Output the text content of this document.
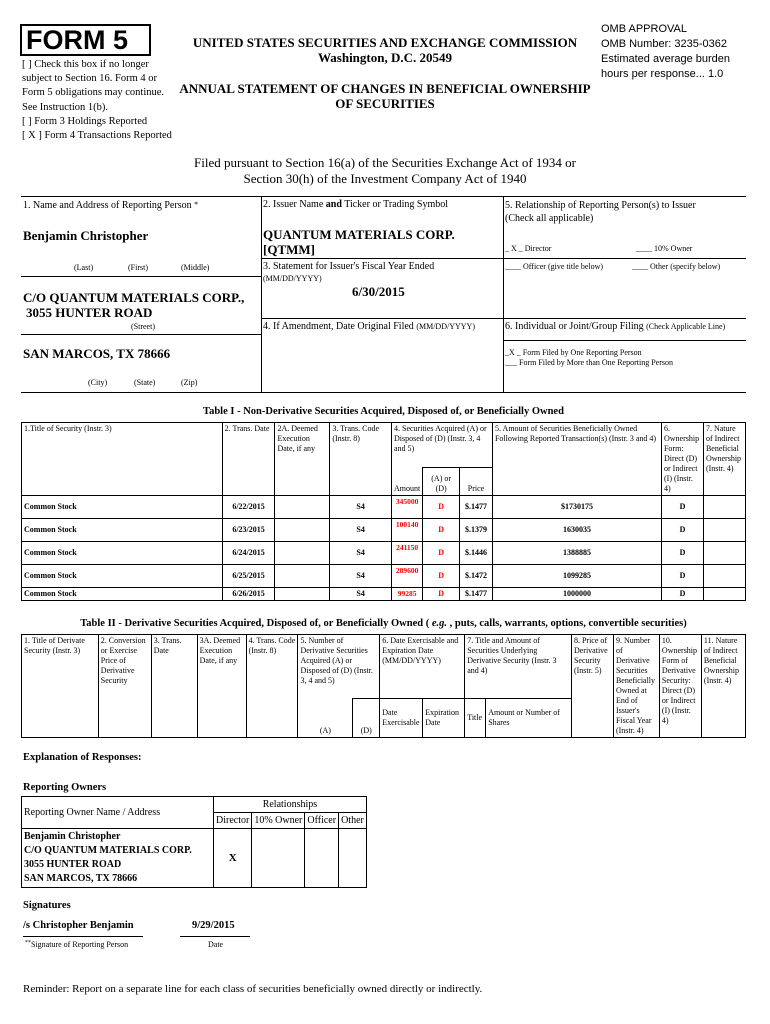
FORM 5
[ ] Check this box if no longer subject to Section 16. Form 4 or Form 5 obligations may continue. See Instruction 1(b).
[ ] Form 3 Holdings Reported
[ X ] Form 4 Transactions Reported
UNITED STATES SECURITIES AND EXCHANGE COMMISSION
Washington, D.C. 20549
ANNUAL STATEMENT OF CHANGES IN BENEFICIAL OWNERSHIP
OF SECURITIES
OMB APPROVAL
OMB Number: 3235-0362
Estimated average burden
hours per response... 1.0
Filed pursuant to Section 16(a) of the Securities Exchange Act of 1934 or
Section 30(h) of the Investment Company Act of 1940
1. Name and Address of Reporting Person *
Benjamin Christopher
(Last)	(First)	(Middle)
C/O QUANTUM MATERIALS CORP.,
3055 HUNTER ROAD
(Street)
SAN MARCOS, TX 78666
(City)	(State)	(Zip)
2. Issuer Name and Ticker or Trading Symbol
QUANTUM MATERIALS CORP.
[QTMM]
3. Statement for Issuer's Fiscal Year Ended
(MM/DD/YYYY)
6/30/2015
4. If Amendment, Date Original Filed (MM/DD/YYYY)
5. Relationship of Reporting Person(s) to Issuer
(Check all applicable)
_ X _ Director	____ 10% Owner
____ Officer (give title below)	____ Other (specify below)
6. Individual or Joint/Group Filing (Check Applicable Line)
_X _ Form Filed by One Reporting Person
___ Form Filed by More than One Reporting Person
Table I - Non-Derivative Securities Acquired, Disposed of, or Beneficially Owned
1.Title of Security (Instr. 3)	2. Trans. Date	2A. Deemed Execution Date, if any	3. Trans. Code (Instr. 8)	4. Securities Acquired (A) or Disposed of (D) (Instr. 3, 4 and 5)			5. Amount of Securities Beneficially Owned Following Reported Transaction(s) (Instr. 3 and 4)	6. Ownership Form: Direct (D) or Indirect (I) (Instr. 4)	7. Nature of Indirect Beneficial Ownership (Instr. 4)
				Amount	(A) or (D)	Price			
Common Stock	6/22/2015		S4	345000	D	$.1477	$1730175	D	
Common Stock	6/23/2015		S4	100140	D	$.1379	1630035	D	
Common Stock	6/24/2015		S4	241150	D	$.1446	1388885	D	
Common Stock	6/25/2015		S4	289600	D	$.1472	1099285	D	
Common Stock	6/26/2015		S4	99285	D	$.1477	1000000	D	
Table II - Derivative Securities Acquired, Disposed of, or Beneficially Owned ( e.g. , puts, calls, warrants, options, convertible securities)
1. Title of Derivate Security (Instr. 3)	2. Conversion or Exercise Price of Derivative Security	3. Trans. Date	3A. Deemed Execution Date, if any	4. Trans. Code (Instr. 8)	5. Number of Derivative Securities Acquired (A) or Disposed of (D) (Instr. 3, 4 and 5)		6. Date Exercisable and Expiration Date (MM/DD/YYYY)		7. Title and Amount of Securities Underlying Derivative Security (Instr. 3 and 4)		8. Price of Derivative Security (Instr. 5)	9. Number of Derivative Securities Beneficially Owned at End of Issuer's Fiscal Year (Instr. 4)	10. Ownership Form of Derivative Security: Direct (D) or Indirect (I) (Instr. 4)	11. Nature of Indirect Beneficial Ownership (Instr. 4)
					(A)	(D)	Date Exercisable	Expiration Date	Title	Amount or Number of Shares				
Explanation of Responses:
Reporting Owners
Reporting Owner Name / Address	Relationships			
	Director	10% Owner	Officer	Other

Benjamin Christopher
C/O QUANTUM MATERIALS CORP.
3055 HUNTER ROAD
SAN MARCOS, TX 78666	X			
Signatures
/s Christopher Benjamin
**Signature of Reporting Person
9/29/2015
Date
Reminder: Report on a separate line for each class of securities beneficially owned directly or indirectly.
